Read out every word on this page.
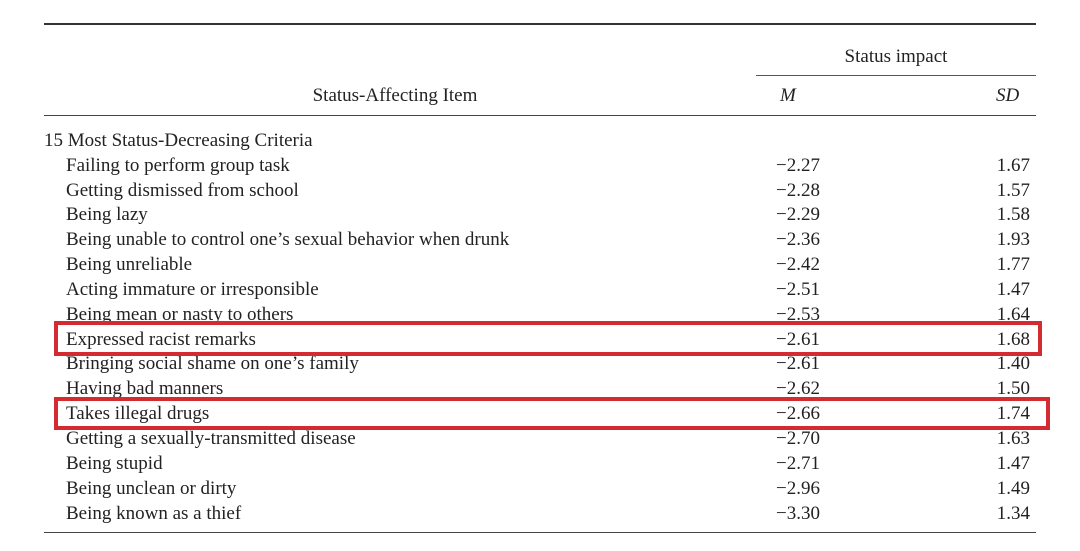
Status impact
Status-Affecting Item	M	SD
15 Most Status-Decreasing Criteria
Failing to perform group task	−2.27	1.67
Getting dismissed from school	−2.28	1.57
Being lazy	−2.29	1.58
Being unable to control one’s sexual behavior when drunk	−2.36	1.93
Being unreliable	−2.42	1.77
Acting immature or irresponsible	−2.51	1.47
Being mean or nasty to others	−2.53	1.64
Expressed racist remarks	−2.61	1.68
Bringing social shame on one’s family	−2.61	1.40
Having bad manners	−2.62	1.50
Takes illegal drugs	−2.66	1.74
Getting a sexually-transmitted disease	−2.70	1.63
Being stupid	−2.71	1.47
Being unclean or dirty	−2.96	1.49
Being known as a thief	−3.30	1.34
